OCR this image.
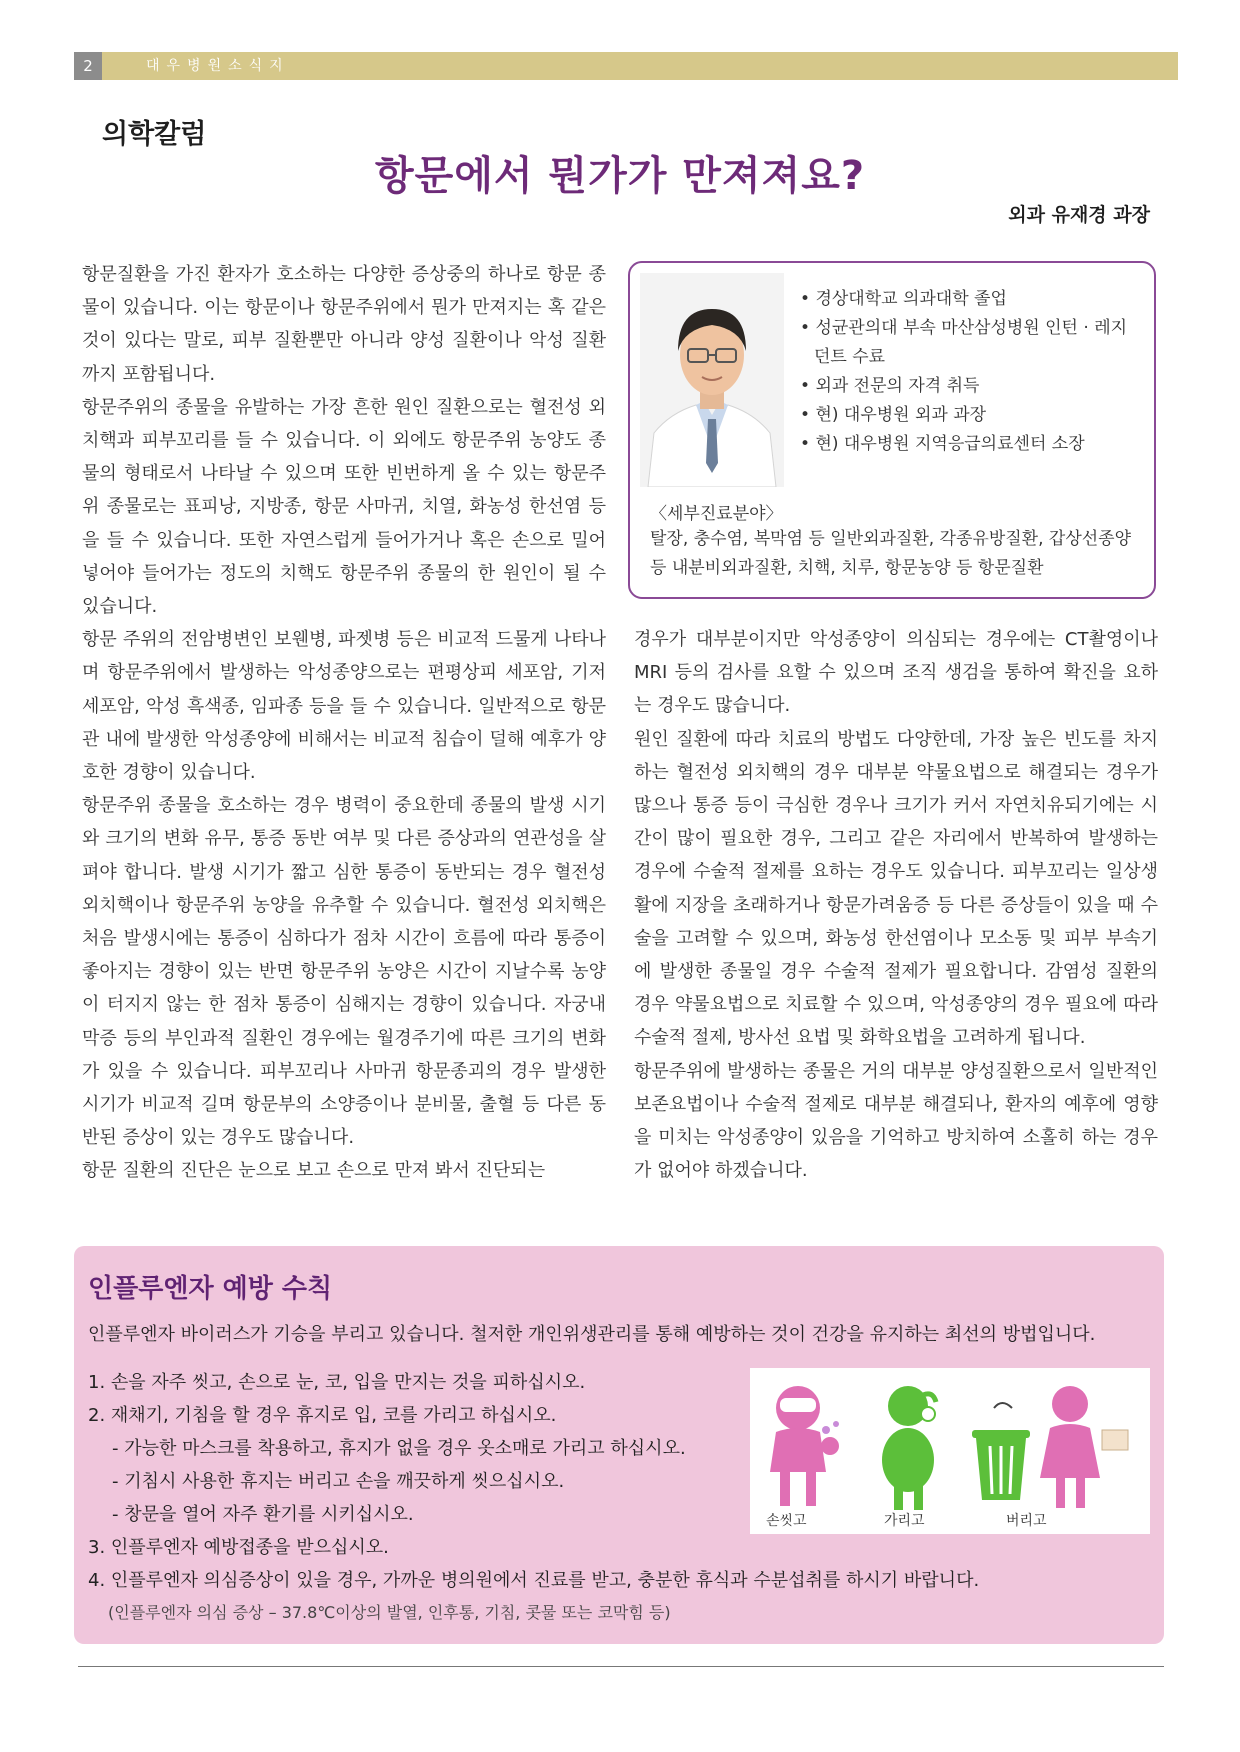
2	대우병원소식지
의학칼럼
항문에서 뭔가가 만져져요?
외과 유재경 과장

항문질환을 가진 환자가 호소하는 다양한 증상중의 하나로 항문 종물이 있습니다. 이는 항문이나 항문주위에서 뭔가 만져지는 혹 같은 것이 있다는 말로, 피부 질환뿐만 아니라 양성 질환이나 악성 질환까지 포함됩니다.

항문주위의 종물을 유발하는 가장 흔한 원인 질환으로는 혈전성 외치핵과 피부꼬리를 들 수 있습니다. 이 외에도 항문주위 농양도 종물의 형태로서 나타날 수 있으며 또한 빈번하게 올 수 있는 항문주위 종물로는 표피낭, 지방종, 항문 사마귀, 치열, 화농성 한선염 등을 들 수 있습니다. 또한 자연스럽게 들어가거나 혹은 손으로 밀어 넣어야 들어가는 정도의 치핵도 항문주위 종물의 한 원인이 될 수 있습니다.

항문 주위의 전암병변인 보웬병, 파젯병 등은 비교적 드물게 나타나며 항문주위에서 발생하는 악성종양으로는 편평상피 세포암, 기저 세포암, 악성 흑색종, 임파종 등을 들 수 있습니다. 일반적으로 항문관 내에 발생한 악성종양에 비해서는 비교적 침습이 덜해 예후가 양호한 경향이 있습니다.

항문주위 종물을 호소하는 경우 병력이 중요한데 종물의 발생 시기와 크기의 변화 유무, 통증 동반 여부 및 다른 증상과의 연관성을 살펴야 합니다. 발생 시기가 짧고 심한 통증이 동반되는 경우 혈전성 외치핵이나 항문주위 농양을 유추할 수 있습니다. 혈전성 외치핵은 처음 발생시에는 통증이 심하다가 점차 시간이 흐름에 따라 통증이 좋아지는 경향이 있는 반면 항문주위 농양은 시간이 지날수록 농양이 터지지 않는 한 점차 통증이 심해지는 경향이 있습니다. 자궁내막증 등의 부인과적 질환인 경우에는 월경주기에 따른 크기의 변화가 있을 수 있습니다. 피부꼬리나 사마귀 항문종괴의 경우 발생한 시기가 비교적 길며 항문부의 소양증이나 분비물, 출혈 등 다른 동반된 증상이 있는 경우도 많습니다.

항문 질환의 진단은 눈으로 보고 손으로 만져 봐서 진단되는

• 경상대학교 의과대학 졸업
• 성균관의대 부속 마산삼성병원 인턴 · 레지던트 수료
• 외과 전문의 자격 취득
• 현) 대우병원 외과 과장
• 현) 대우병원 지역응급의료센터 소장
〈세부진료분야〉
탈장, 충수염, 복막염 등 일반외과질환, 각종유방질환, 갑상선종양 등 내분비외과질환, 치핵, 치루, 항문농양 등 항문질환

경우가 대부분이지만 악성종양이 의심되는 경우에는 CT촬영이나 MRI 등의 검사를 요할 수 있으며 조직 생검을 통하여 확진을 요하는 경우도 많습니다.

원인 질환에 따라 치료의 방법도 다양한데, 가장 높은 빈도를 차지하는 혈전성 외치핵의 경우 대부분 약물요법으로 해결되는 경우가 많으나 통증 등이 극심한 경우나 크기가 커서 자연치유되기에는 시간이 많이 필요한 경우, 그리고 같은 자리에서 반복하여 발생하는 경우에 수술적 절제를 요하는 경우도 있습니다. 피부꼬리는 일상생활에 지장을 초래하거나 항문가려움증 등 다른 증상들이 있을 때 수술을 고려할 수 있으며, 화농성 한선염이나 모소동 및 피부 부속기에 발생한 종물일 경우 수술적 절제가 필요합니다. 감염성 질환의 경우 약물요법으로 치료할 수 있으며, 악성종양의 경우 필요에 따라 수술적 절제, 방사선 요법 및 화학요법을 고려하게 됩니다.

항문주위에 발생하는 종물은 거의 대부분 양성질환으로서 일반적인 보존요법이나 수술적 절제로 대부분 해결되나, 환자의 예후에 영향을 미치는 악성종양이 있음을 기억하고 방치하여 소홀히 하는 경우가 없어야 하겠습니다.

인플루엔자 예방 수칙
인플루엔자 바이러스가 기승을 부리고 있습니다. 철저한 개인위생관리를 통해 예방하는 것이 건강을 유지하는 최선의 방법입니다.
1. 손을 자주 씻고, 손으로 눈, 코, 입을 만지는 것을 피하십시오.
2. 재채기, 기침을 할 경우 휴지로 입, 코를 가리고 하십시오.
- 가능한 마스크를 착용하고, 휴지가 없을 경우 옷소매로 가리고 하십시오.
- 기침시 사용한 휴지는 버리고 손을 깨끗하게 씻으십시오.
- 창문을 열어 자주 환기를 시키십시오.
3. 인플루엔자 예방접종을 받으십시오.
4. 인플루엔자 의심증상이 있을 경우, 가까운 병의원에서 진료를 받고, 충분한 휴식과 수분섭취를 하시기 바랍니다.
(인플루엔자 의심 증상 – 37.8℃이상의 발열, 인후통, 기침, 콧물 또는 코막힘 등)
손씻고	가리고	버리고
